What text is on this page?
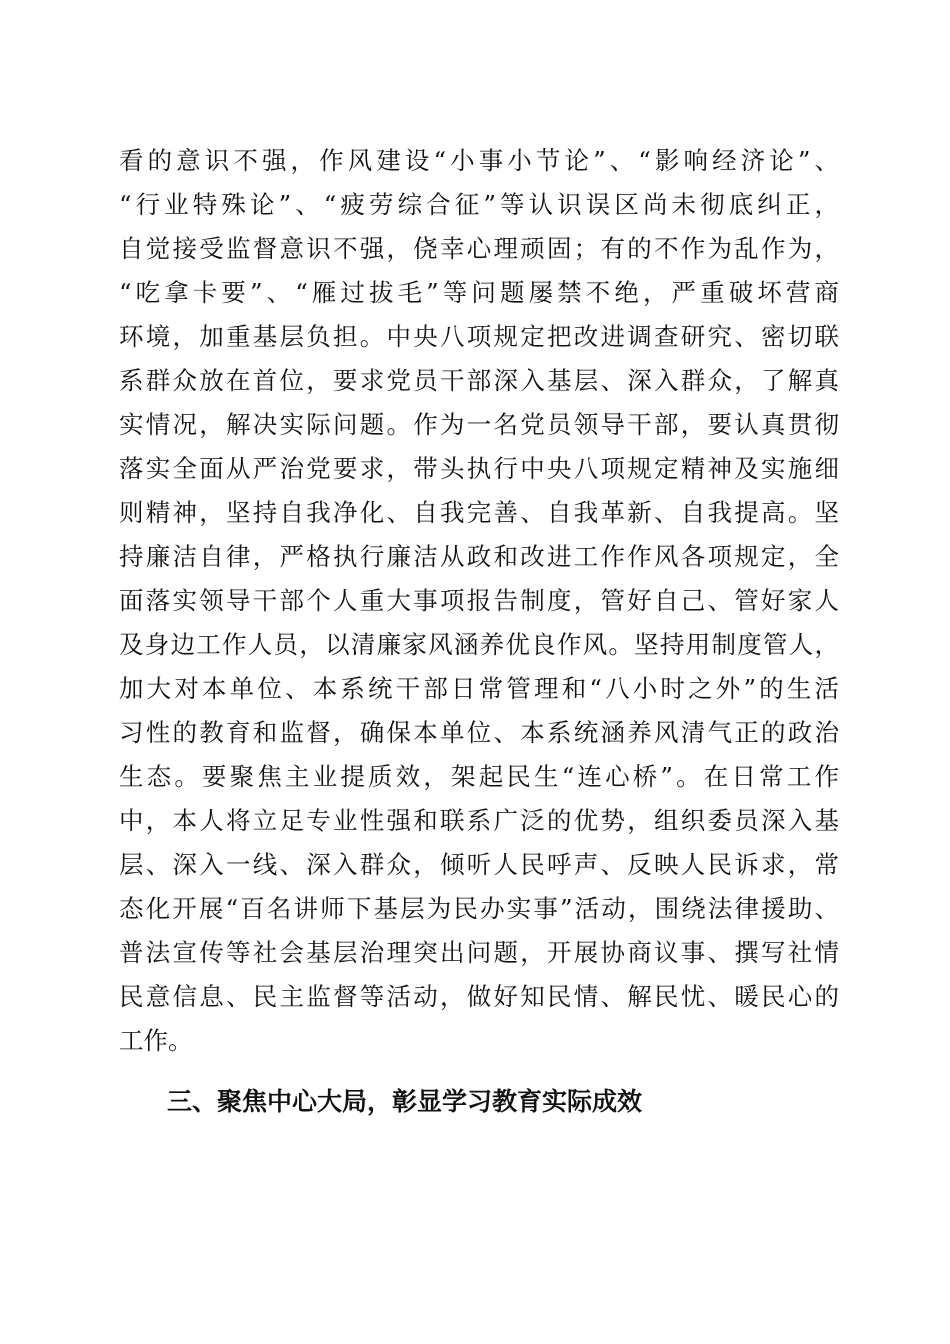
看的意识不强，作风建设“小事小节论”、“影响经济论”、
“行业特殊论”、“疲劳综合征”等认识误区尚未彻底纠正，
自觉接受监督意识不强，侥幸心理顽固；有的不作为乱作为，
“吃拿卡要”、“雁过拔毛”等问题屡禁不绝，严重破坏营商
环境，加重基层负担。中央八项规定把改进调查研究、密切联
系群众放在首位，要求党员干部深入基层、深入群众，了解真
实情况，解决实际问题。作为一名党员领导干部，要认真贯彻
落实全面从严治党要求，带头执行中央八项规定精神及实施细
则精神，坚持自我净化、自我完善、自我革新、自我提高。坚
持廉洁自律，严格执行廉洁从政和改进工作作风各项规定，全
面落实领导干部个人重大事项报告制度，管好自己、管好家人
及身边工作人员，以清廉家风涵养优良作风。坚持用制度管人，
加大对本单位、本系统干部日常管理和“八小时之外”的生活
习性的教育和监督，确保本单位、本系统涵养风清气正的政治
生态。要聚焦主业提质效，架起民生“连心桥”。在日常工作
中，本人将立足专业性强和联系广泛的优势，组织委员深入基
层、深入一线、深入群众，倾听人民呼声、反映人民诉求，常
态化开展“百名讲师下基层为民办实事”活动，围绕法律援助、
普法宣传等社会基层治理突出问题，开展协商议事、撰写社情
民意信息、民主监督等活动，做好知民情、解民忧、暖民心的
工作。
三、聚焦中心大局，彰显学习教育实际成效
